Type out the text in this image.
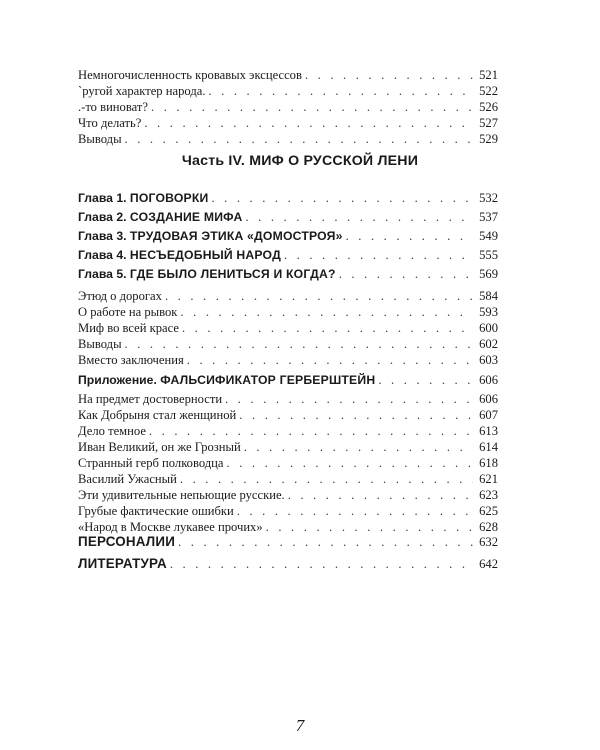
Немногочисленность кровавых эксцессов . . .	521
`ругой характер народа. . . .	522
.-то виноват? . . .	526
Что делать? . . .	527
Выводы . . .	529
Часть IV. МИФ О РУССКОЙ ЛЕНИ
Глава 1. ПОГОВОРКИ . . .	532
Глава 2. СОЗДАНИЕ МИФА . . .	537
Глава 3. ТРУДОВАЯ ЭТИКА «ДОМОСТРОЯ» . . .	549
Глава 4. НЕСЪЕДОБНЫЙ НАРОД . . .	555
Глава 5. ГДЕ БЫЛО ЛЕНИТЬСЯ И КОГДА? . . .	569
Этюд о дорогах . . .	584
О работе на рывок . . .	593
Миф во всей красе . . .	600
Выводы . . .	602
Вместо заключения . . .	603
Приложение. ФАЛЬСИФИКАТОР ГЕРБЕРШТЕЙН . . .	606
На предмет достоверности . . .	606
Как Добрыня стал женщиной . . .	607
Дело темное . . .	613
Иван Великий, он же Грозный . . .	614
Странный герб полководца . . .	618
Василий Ужасный . . .	621
Эти удивительные непьющие русские. . . .	623
Грубые фактические ошибки . . .	625
«Народ в Москве лукавее прочих» . . .	628
ПЕРСОНАЛИИ . . .	632
ЛИТЕРАТУРА . . .	642
7
